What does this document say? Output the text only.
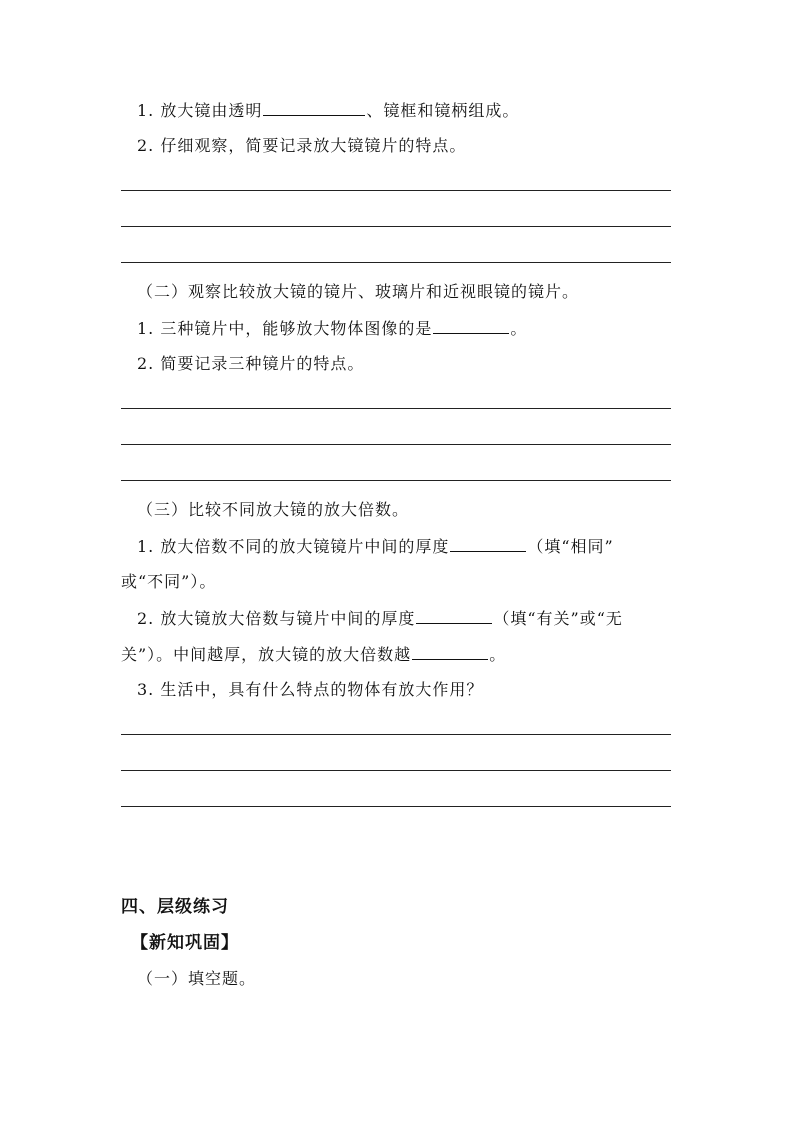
1. 放大镜由透明	、镜框和镜柄组成。
2. 仔细观察，简要记录放大镜镜片的特点。
（二）观察比较放大镜的镜片、玻璃片和近视眼镜的镜片。
1. 三种镜片中，能够放大物体图像的是	。
2. 简要记录三种镜片的特点。
（三）比较不同放大镜的放大倍数。
1. 放大倍数不同的放大镜镜片中间的厚度	（填“相同”
或“不同”）。
2. 放大镜放大倍数与镜片中间的厚度	（填“有关”或“无
关”）。中间越厚，放大镜的放大倍数越	。
3. 生活中，具有什么特点的物体有放大作用？
四、层级练习
【新知巩固】
（一）填空题。
